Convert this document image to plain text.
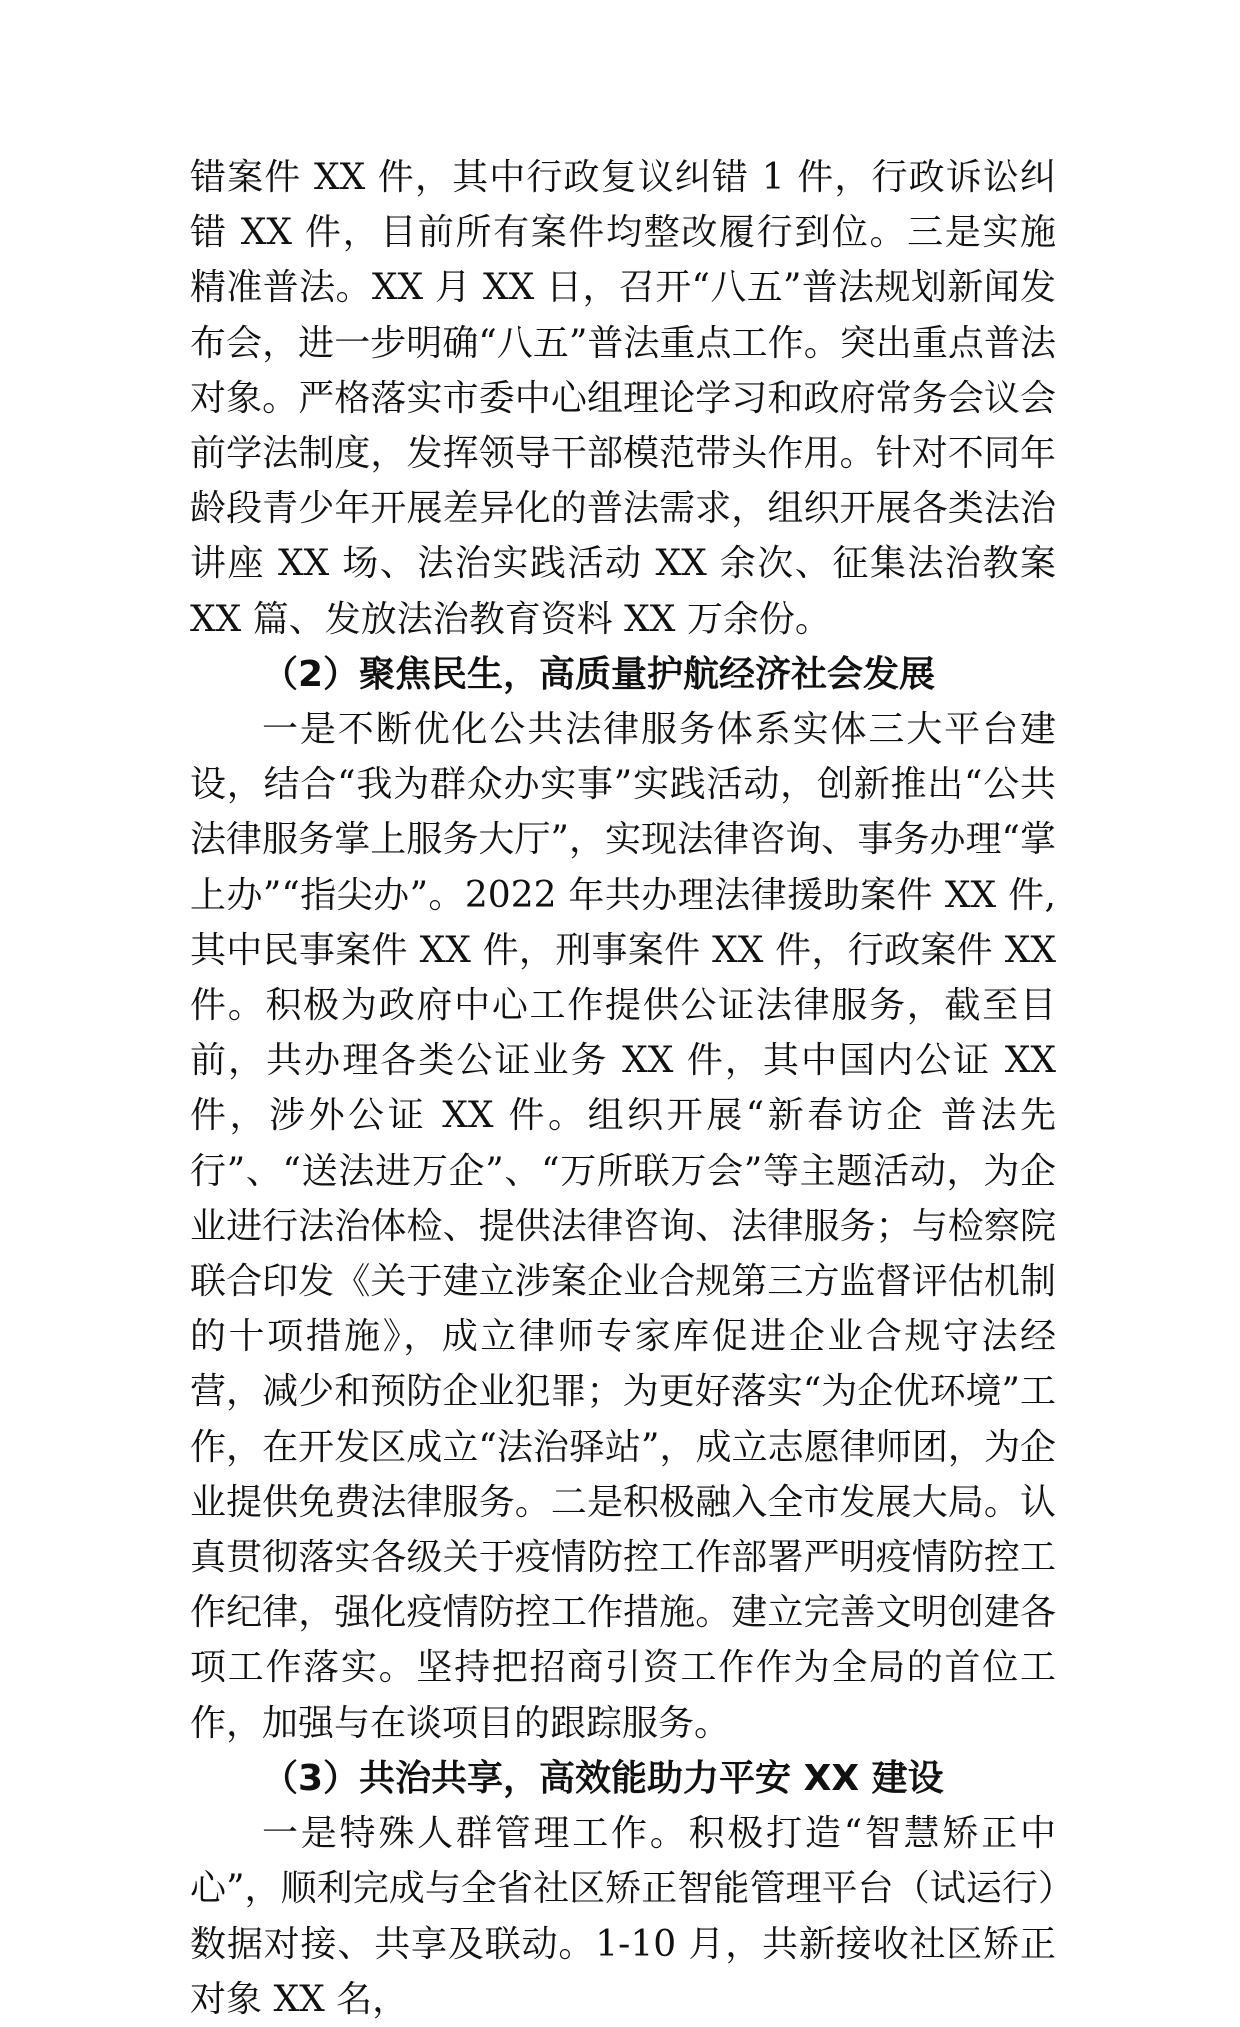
错案件 XX 件，其中行政复议纠错 1 件，行政诉讼纠错 XX 件，目前所有案件均整改履行到位。三是实施精准普法。XX 月 XX 日，召开“八五”普法规划新闻发布会，进一步明确“八五”普法重点工作。突出重点普法对象。严格落实市委中心组理论学习和政府常务会议会前学法制度，发挥领导干部模范带头作用。针对不同年龄段青少年开展差异化的普法需求，组织开展各类法治讲座 XX 场、法治实践活动 XX 余次、征集法治教案 XX 篇、发放法治教育资料 XX 万余份。

（2）聚焦民生，高质量护航经济社会发展

一是不断优化公共法律服务体系实体三大平台建设，结合“我为群众办实事”实践活动，创新推出“公共法律服务掌上服务大厅”，实现法律咨询、事务办理“掌上办”“指尖办”。2022 年共办理法律援助案件 XX 件, 其中民事案件 XX 件，刑事案件 XX 件，行政案件 XX 件。积极为政府中心工作提供公证法律服务，截至目前，共办理各类公证业务 XX 件，其中国内公证 XX 件，涉外公证 XX 件。组织开展“新春访企 普法先行”、“送法进万企”、“万所联万会”等主题活动，为企业进行法治体检、提供法律咨询、法律服务；与检察院联合印发《关于建立涉案企业合规第三方监督评估机制的十项措施》，成立律师专家库促进企业合规守法经营，减少和预防企业犯罪；为更好落实“为企优环境”工作，在开发区成立“法治驿站”，成立志愿律师团，为企业提供免费法律服务。二是积极融入全市发展大局。认真贯彻落实各级关于疫情防控工作部署严明疫情防控工作纪律，强化疫情防控工作措施。建立完善文明创建各项工作落实。坚持把招商引资工作作为全局的首位工作，加强与在谈项目的跟踪服务。

（3）共治共享，高效能助力平安 XX 建设

一是特殊人群管理工作。积极打造“智慧矫正中心”，顺利完成与全省社区矫正智能管理平台（试运行）数据对接、共享及联动。1-10 月，共新接收社区矫正对象 XX 名，
